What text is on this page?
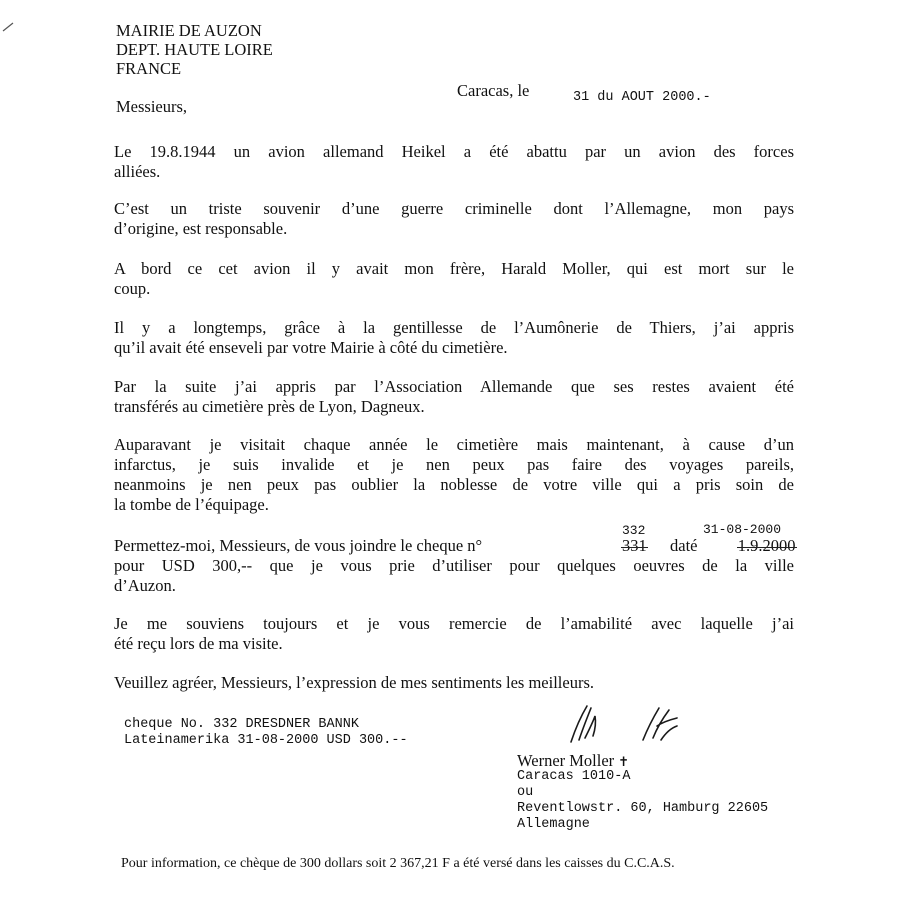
MAIRIE DE AUZON
DEPT. HAUTE LOIRE
FRANCE
Caracas, le	31 du AOUT 2000.-
Messieurs,
Le 19.8.1944 un avion allemand Heikel a été abattu par un avion des forces
alliées.
C’est un triste souvenir d’une guerre criminelle dont l’Allemagne, mon pays
d’origine, est responsable.
A bord ce cet avion il y avait mon frère, Harald Moller, qui est mort sur le
coup.
Il y a longtemps, grâce à la gentillesse de l’Aumônerie de Thiers, j’ai appris
qu’il avait été enseveli par votre Mairie à côté du cimetière.
Par la suite j’ai appris par l’Association Allemande que ses restes avaient été
transférés au cimetière près de Lyon, Dagneux.
Auparavant je visitait chaque année le cimetière mais maintenant, à cause d’un
infarctus, je suis invalide et je nen peux pas faire des voyages pareils,
neanmoins je nen peux pas oublier la noblesse de votre ville qui a pris soin de
la tombe de l’équipage.
Permettez-moi, Messieurs, de vous joindre le cheque n°	331
332
daté 1.9.2000
31-08-2000
pour USD 300,-- que je vous prie d’utiliser pour quelques oeuvres de la ville
d’Auzon.
Je me souviens toujours et je vous remercie de l’amabilité avec laquelle j’ai
été reçu lors de ma visite.
Veuillez agréer, Messieurs, l’expression de mes sentiments les meilleurs.
cheque No. 332 DRESDNER BANNK
Lateinamerika 31-08-2000 USD 300.--
Werner Moller ✝
Caracas 1010-A
ou
Reventlowstr. 60, Hamburg 22605
Allemagne
Pour information, ce chèque de 300 dollars soit 2 367,21 F a été versé dans les caisses du C.C.A.S.
